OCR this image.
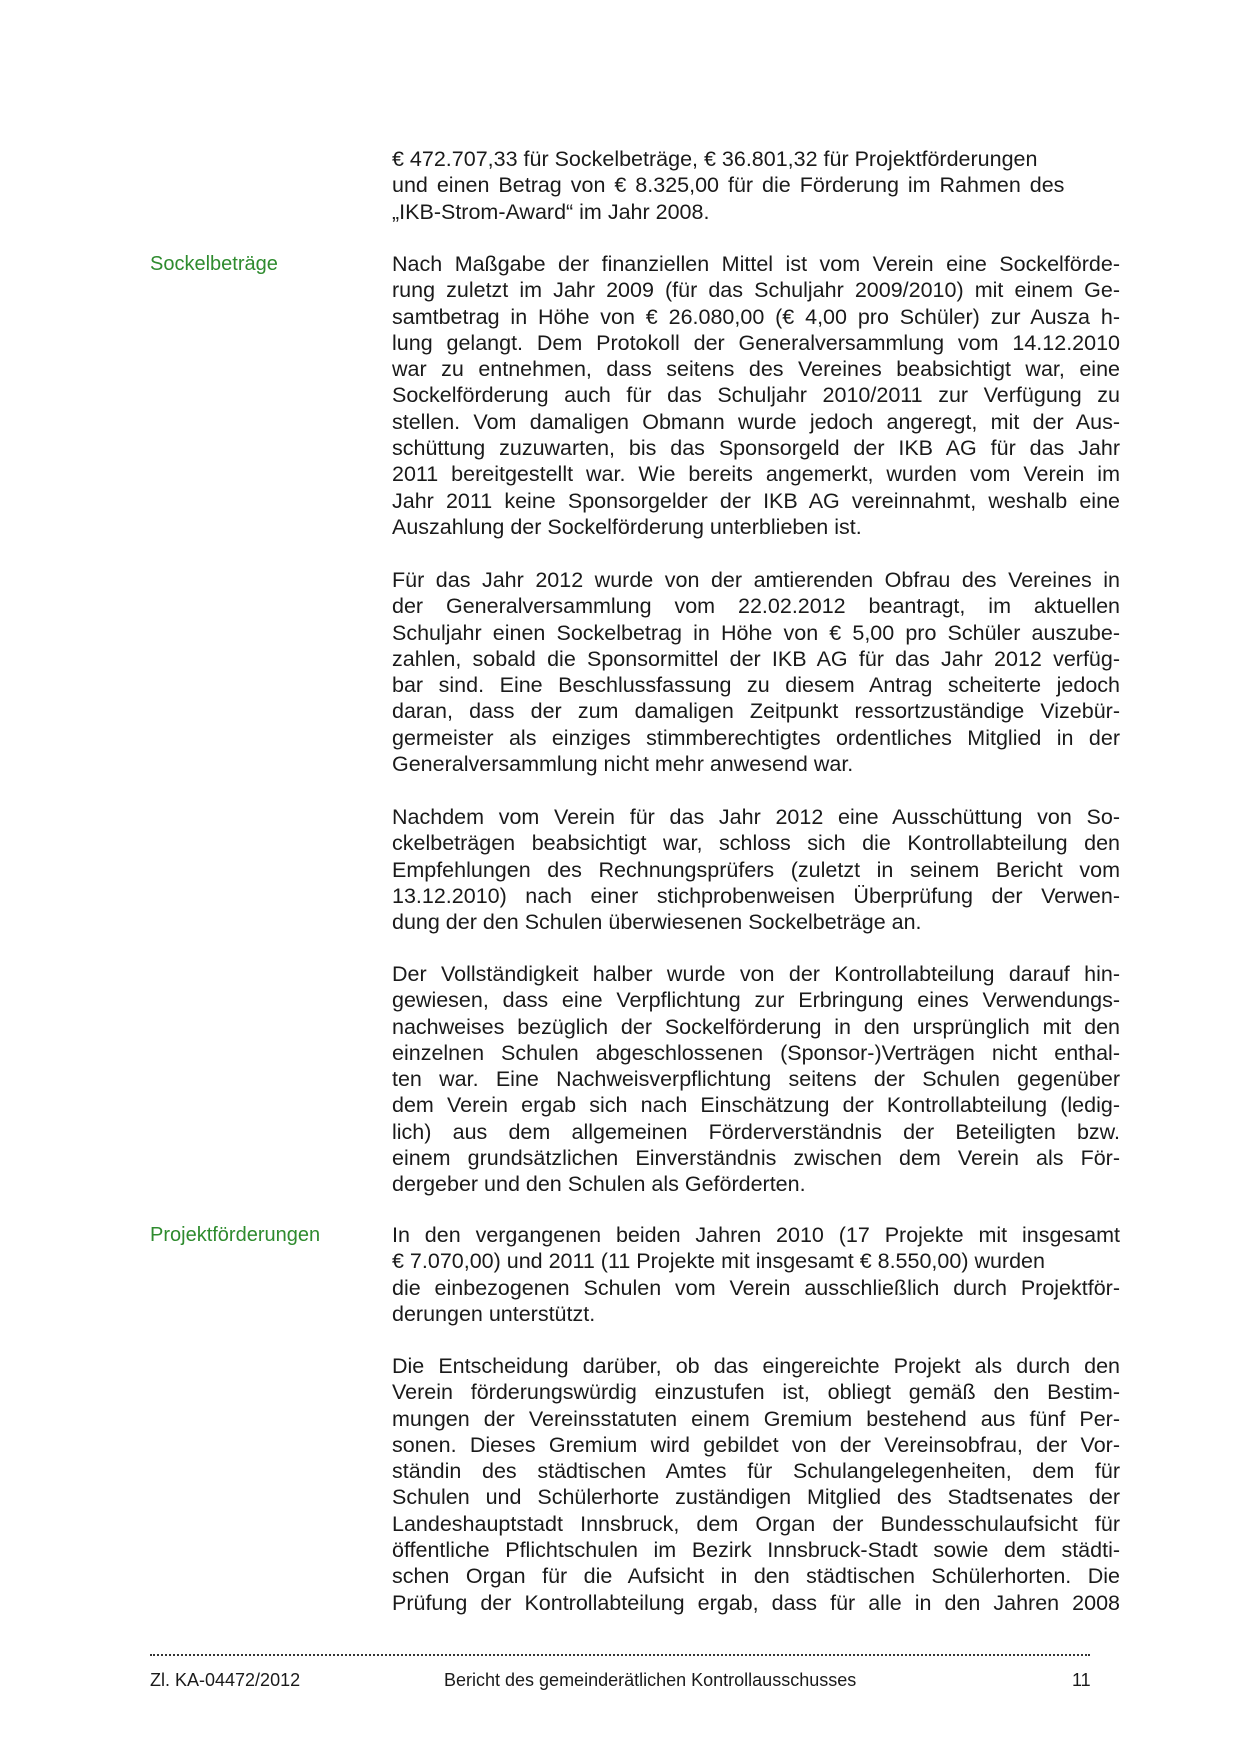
€ 472.707,33 für Sockelbeträge, € 36.801,32 für Projektförderungen
und einen Betrag von € 8.325,00 für die Förderung im Rahmen des
„IKB-Strom-Award“ im Jahr 2008.
Sockelbeträge	Nach Maßgabe der finanziellen Mittel ist vom Verein eine Sockelförde-
rung zuletzt im Jahr 2009 (für das Schuljahr 2009/2010) mit einem Ge-
samtbetrag in Höhe von € 26.080,00 (€ 4,00 pro Schüler) zur Ausza h-
lung gelangt. Dem Protokoll der Generalversammlung vom 14.12.2010
war zu entnehmen, dass seitens des Vereines beabsichtigt war, eine
Sockelförderung auch für das Schuljahr 2010/2011 zur Verfügung zu
stellen. Vom damaligen Obmann wurde jedoch angeregt, mit der Aus-
schüttung zuzuwarten, bis das Sponsorgeld der IKB AG für das Jahr
2011 bereitgestellt war. Wie bereits angemerkt, wurden vom Verein im
Jahr 2011 keine Sponsorgelder der IKB AG vereinnahmt, weshalb eine
Auszahlung der Sockelförderung unterblieben ist.
Für das Jahr 2012 wurde von der amtierenden Obfrau des Vereines in
der Generalversammlung vom 22.02.2012 beantragt, im aktuellen
Schuljahr einen Sockelbetrag in Höhe von € 5,00 pro Schüler auszube-
zahlen, sobald die Sponsormittel der IKB AG für das Jahr 2012 verfüg-
bar sind. Eine Beschlussfassung zu diesem Antrag scheiterte jedoch
daran, dass der zum damaligen Zeitpunkt ressortzuständige Vizebür-
germeister als einziges stimmberechtigtes ordentliches Mitglied in der
Generalversammlung nicht mehr anwesend war.
Nachdem vom Verein für das Jahr 2012 eine Ausschüttung von So-
ckelbeträgen beabsichtigt war, schloss sich die Kontrollabteilung den
Empfehlungen des Rechnungsprüfers (zuletzt in seinem Bericht vom
13.12.2010) nach einer stichprobenweisen Überprüfung der Verwen-
dung der den Schulen überwiesenen Sockelbeträge an.
Der Vollständigkeit halber wurde von der Kontrollabteilung darauf hin-
gewiesen, dass eine Verpflichtung zur Erbringung eines Verwendungs-
nachweises bezüglich der Sockelförderung in den ursprünglich mit den
einzelnen Schulen abgeschlossenen (Sponsor-)Verträgen nicht enthal-
ten war. Eine Nachweisverpflichtung seitens der Schulen gegenüber
dem Verein ergab sich nach Einschätzung der Kontrollabteilung (ledig-
lich) aus dem allgemeinen Förderverständnis der Beteiligten bzw.
einem grundsätzlichen Einverständnis zwischen dem Verein als För-
dergeber und den Schulen als Geförderten.
Projektförderungen	In den vergangenen beiden Jahren 2010 (17 Projekte mit insgesamt
€ 7.070,00) und 2011 (11 Projekte mit insgesamt € 8.550,00) wurden
die einbezogenen Schulen vom Verein ausschließlich durch Projektför-
derungen unterstützt.
Die Entscheidung darüber, ob das eingereichte Projekt als durch den
Verein förderungswürdig einzustufen ist, obliegt gemäß den Bestim-
mungen der Vereinsstatuten einem Gremium bestehend aus fünf Per-
sonen. Dieses Gremium wird gebildet von der Vereinsobfrau, der Vor-
ständin des städtischen Amtes für Schulangelegenheiten, dem für
Schulen und Schülerhorte zuständigen Mitglied des Stadtsenates der
Landeshauptstadt Innsbruck, dem Organ der Bundesschulaufsicht für
öffentliche Pflichtschulen im Bezirk Innsbruck-Stadt sowie dem städti-
schen Organ für die Aufsicht in den städtischen Schülerhorten. Die
Prüfung der Kontrollabteilung ergab, dass für alle in den Jahren 2008
Zl. KA-04472/2012	Bericht des gemeinderätlichen Kontrollausschusses	11
